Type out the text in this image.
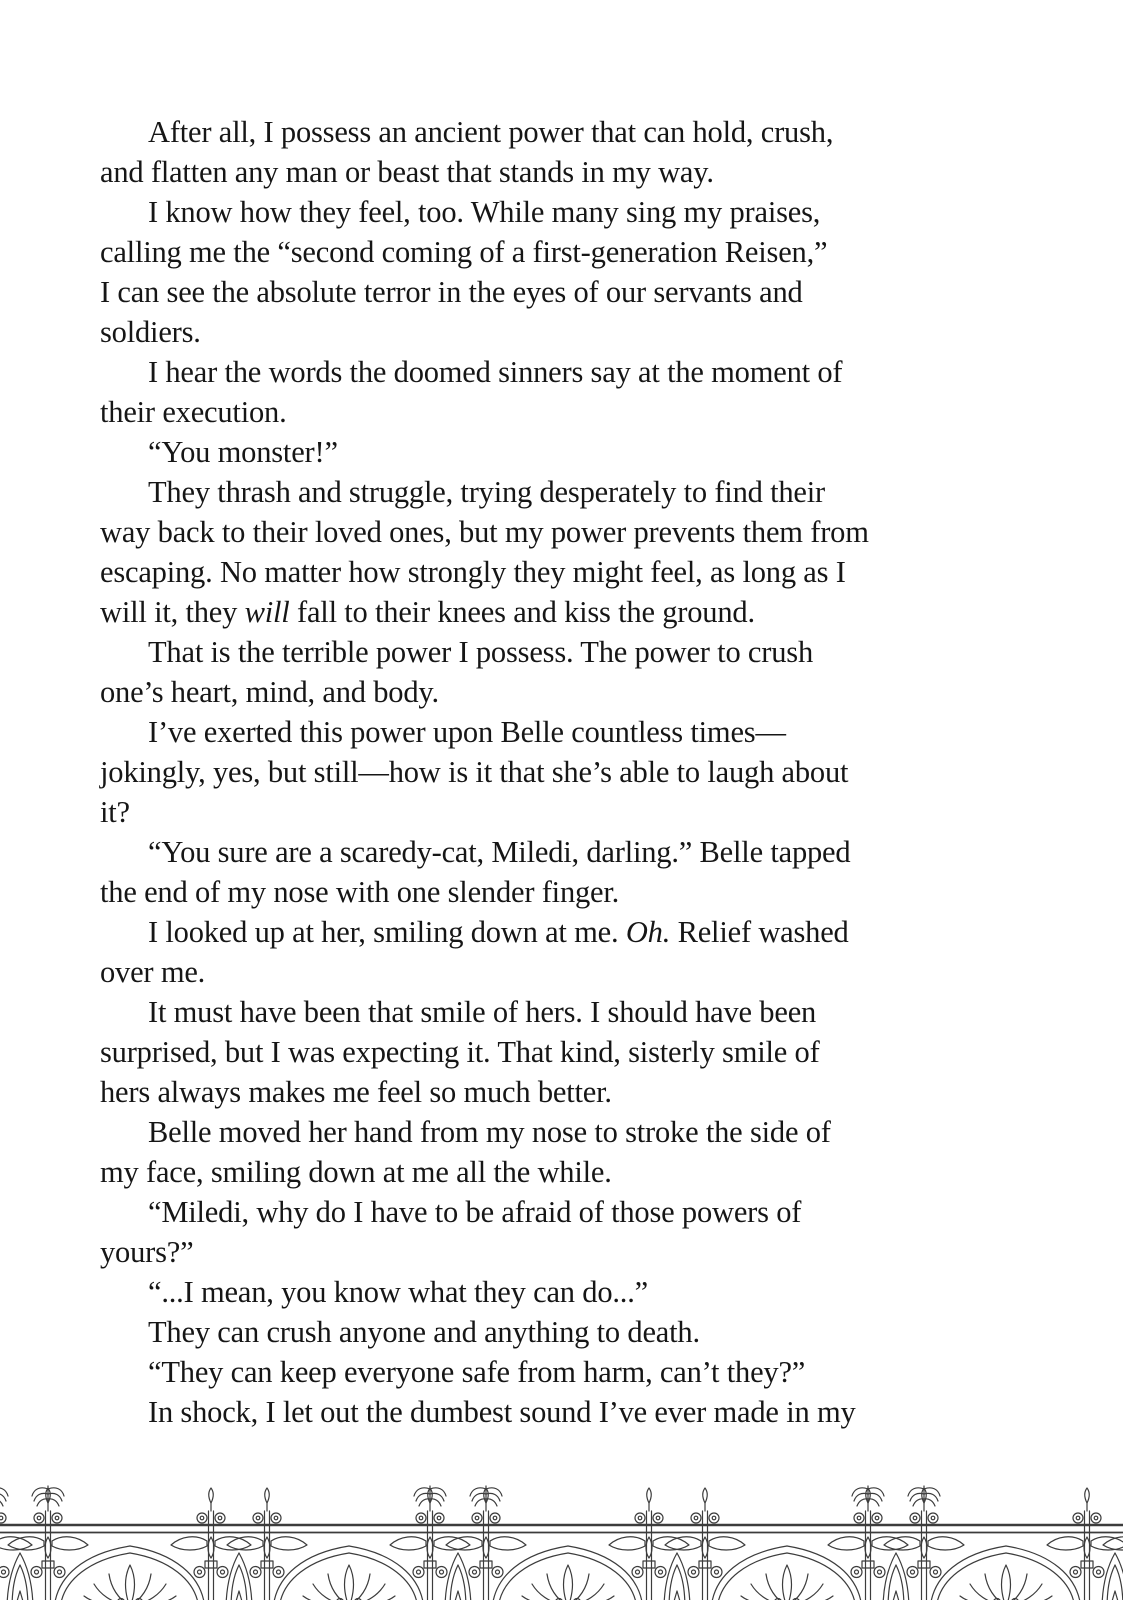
After all, I possess an ancient power that can hold, crush,
and flatten any man or beast that stands in my way.
I know how they feel, too. While many sing my praises,
calling me the “second coming of a first-generation Reisen,”
I can see the absolute terror in the eyes of our servants and
soldiers.
I hear the words the doomed sinners say at the moment of
their execution.
“You monster!”
They thrash and struggle, trying desperately to find their
way back to their loved ones, but my power prevents them from
escaping. No matter how strongly they might feel, as long as I
will it, they will fall to their knees and kiss the ground.
That is the terrible power I possess. The power to crush
one’s heart, mind, and body.
I’ve exerted this power upon Belle countless times—
jokingly, yes, but still—how is it that she’s able to laugh about
it?
“You sure are a scaredy-cat, Miledi, darling.” Belle tapped
the end of my nose with one slender finger.
I looked up at her, smiling down at me. Oh. Relief washed
over me.
It must have been that smile of hers. I should have been
surprised, but I was expecting it. That kind, sisterly smile of
hers always makes me feel so much better.
Belle moved her hand from my nose to stroke the side of
my face, smiling down at me all the while.
“Miledi, why do I have to be afraid of those powers of
yours?”
“...I mean, you know what they can do...”
They can crush anyone and anything to death.
“They can keep everyone safe from harm, can’t they?”
In shock, I let out the dumbest sound I’ve ever made in my
